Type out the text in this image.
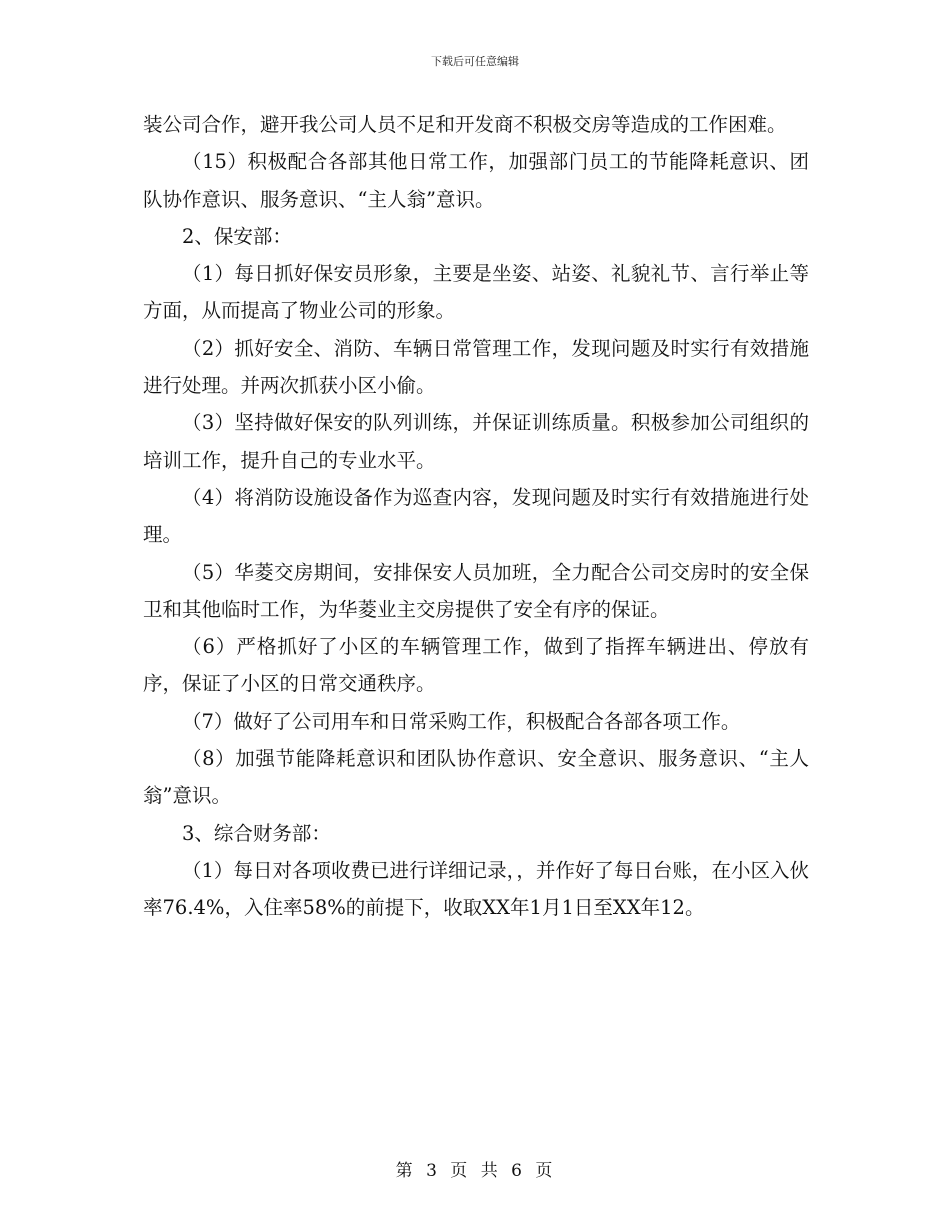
下载后可任意编辑

装公司合作，避开我公司人员不足和开发商不积极交房等造成的工作困难。

（15）积极配合各部其他日常工作，加强部门员工的节能降耗意识、团队协作意识、服务意识、“主人翁”意识。

2、保安部：

（1）每日抓好保安员形象，主要是坐姿、站姿、礼貌礼节、言行举止等方面，从而提高了物业公司的形象。

（2）抓好安全、消防、车辆日常管理工作，发现问题及时实行有效措施进行处理。并两次抓获小区小偷。

（3）坚持做好保安的队列训练，并保证训练质量。积极参加公司组织的培训工作，提升自己的专业水平。

（4）将消防设施设备作为巡查内容，发现问题及时实行有效措施进行处理。

（5）华菱交房期间，安排保安人员加班，全力配合公司交房时的安全保卫和其他临时工作，为华菱业主交房提供了安全有序的保证。

（6）严格抓好了小区的车辆管理工作，做到了指挥车辆进出、停放有序，保证了小区的日常交通秩序。

（7）做好了公司用车和日常采购工作，积极配合各部各项工作。

（8）加强节能降耗意识和团队协作意识、安全意识、服务意识、“主人翁”意识。

3、综合财务部：

（1）每日对各项收费已进行详细记录，，并作好了每日台账，在小区入伙率76.4%，入住率58%的前提下，收取XX年1月1日至XX年12。

第 3 页 共 6 页
